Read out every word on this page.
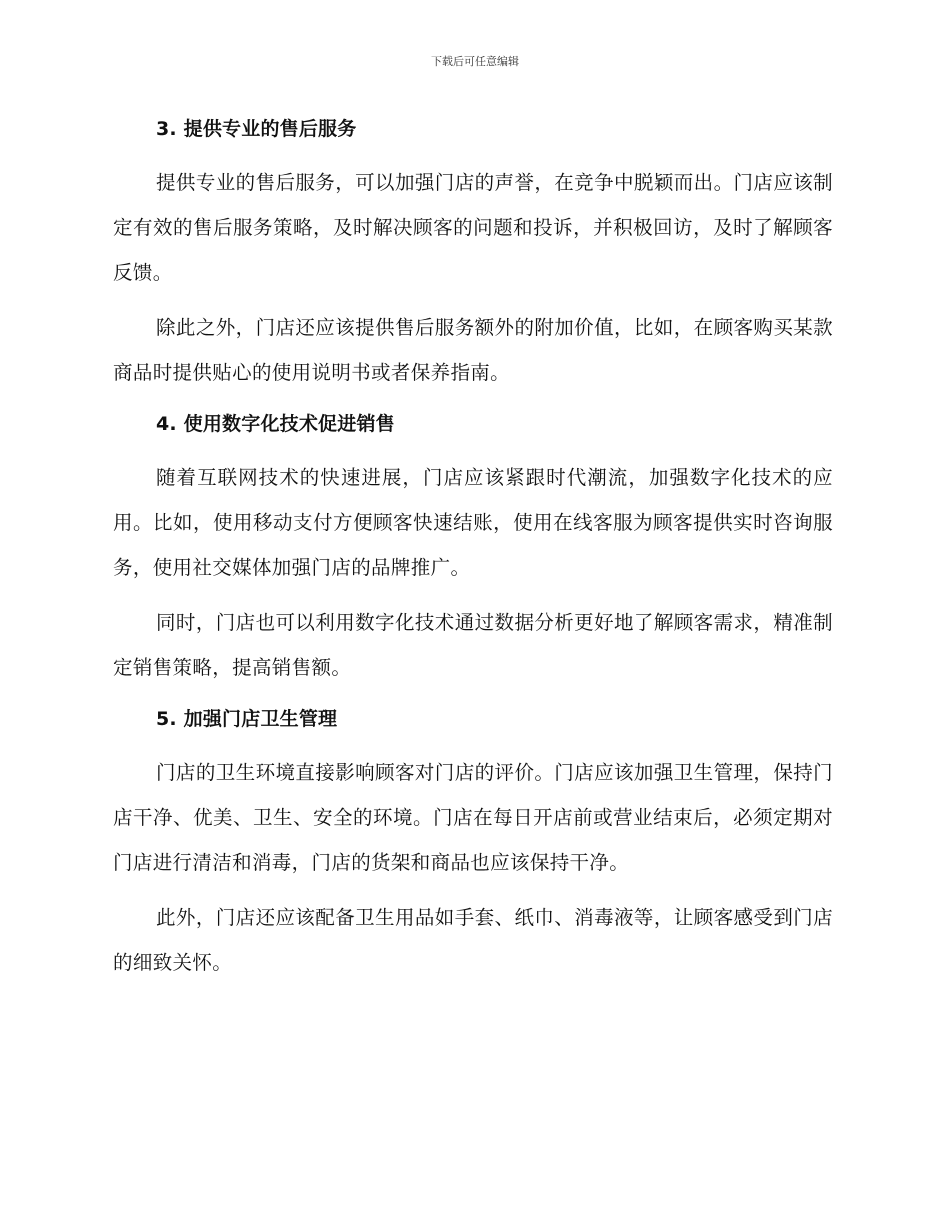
下载后可任意编辑
3. 提供专业的售后服务

提供专业的售后服务，可以加强门店的声誉，在竞争中脱颖而出。门店应该制定有效的售后服务策略，及时解决顾客的问题和投诉，并积极回访，及时了解顾客反馈。

除此之外，门店还应该提供售后服务额外的附加价值，比如，在顾客购买某款商品时提供贴心的使用说明书或者保养指南。

4. 使用数字化技术促进销售

随着互联网技术的快速进展，门店应该紧跟时代潮流，加强数字化技术的应用。比如，使用移动支付方便顾客快速结账，使用在线客服为顾客提供实时咨询服务，使用社交媒体加强门店的品牌推广。

同时，门店也可以利用数字化技术通过数据分析更好地了解顾客需求，精准制定销售策略，提高销售额。

5. 加强门店卫生管理

门店的卫生环境直接影响顾客对门店的评价。门店应该加强卫生管理，保持门店干净、优美、卫生、安全的环境。门店在每日开店前或营业结束后，必须定期对门店进行清洁和消毒，门店的货架和商品也应该保持干净。

此外，门店还应该配备卫生用品如手套、纸巾、消毒液等，让顾客感受到门店的细致关怀。
